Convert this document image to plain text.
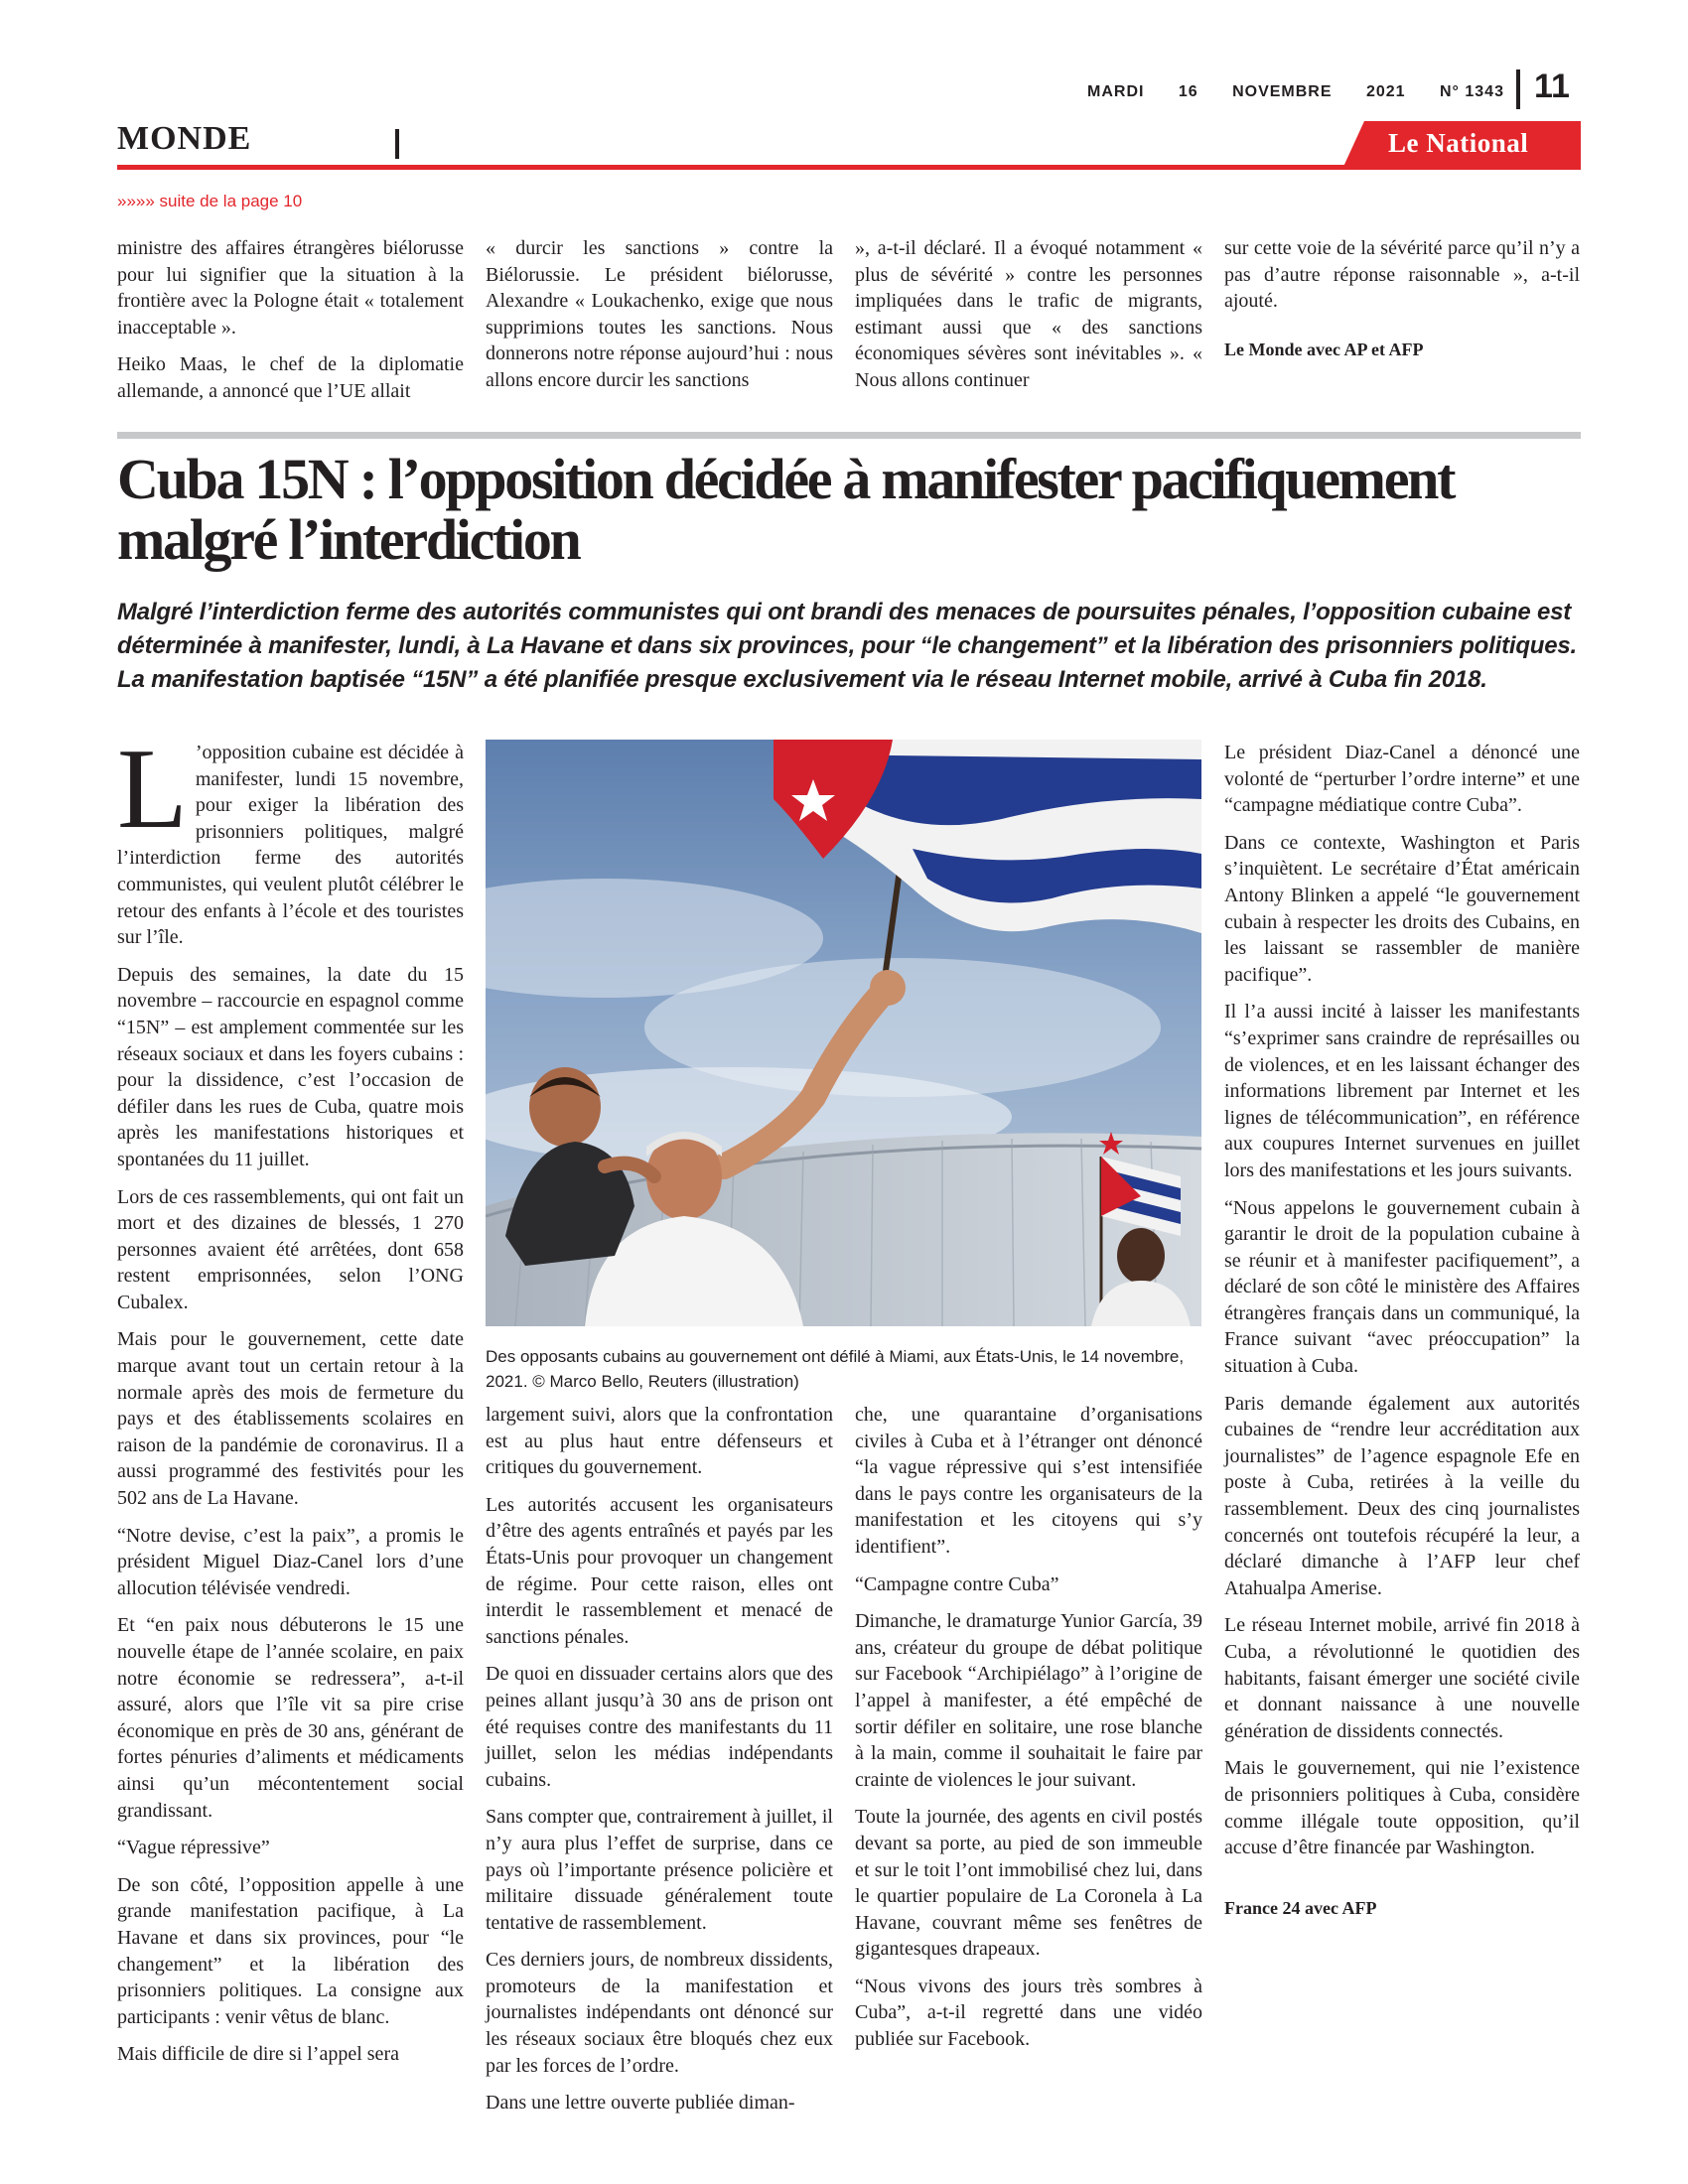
MARDI 16 NOVEMBRE 2021 N° 1343 11
MONDE	Le National
»»»» suite de la page 10

ministre des affaires étrangères biélorusse pour lui signifier que la situation à la frontière avec la Pologne était « totalement inacceptable ».

Heiko Maas, le chef de la diplomatie allemande, a annoncé que l’UE allait

« durcir les sanctions » contre la Biélorussie. Le président biélorusse, Alexandre « Loukachenko, exige que nous supprimions toutes les sanctions. Nous donnerons notre réponse aujourd’hui : nous allons encore durcir les sanctions

», a-t-il déclaré. Il a évoqué notamment « plus de sévérité » contre les personnes impliquées dans le trafic de migrants, estimant aussi que « des sanctions économiques sévères sont inévitables ». « Nous allons continuer

sur cette voie de la sévérité parce qu’il n’y a pas d’autre réponse raisonnable », a-t-il ajouté.

Le Monde avec AP et AFP

Cuba 15N : l’opposition décidée à manifester pacifiquement malgré l’interdiction

Malgré l’interdiction ferme des autorités communistes qui ont brandi des menaces de poursuites pénales, l’opposition cubaine est déterminée à manifester, lundi, à La Havane et dans six provinces, pour “le changement” et la libération des prisonniers politiques. La manifestation baptisée “15N” a été planifiée presque exclusivement via le réseau Internet mobile, arrivé à Cuba fin 2018.

L ’opposition cubaine est décidée à manifester, lundi 15 novembre, pour exiger la libération des prisonniers politiques, malgré l’interdiction ferme des autorités communistes, qui veulent plutôt célébrer le retour des enfants à l’école et des touristes sur l’île.

Depuis des semaines, la date du 15 novembre – raccourcie en espagnol comme “15N” – est amplement commentée sur les réseaux sociaux et dans les foyers cubains : pour la dissidence, c’est l’occasion de défiler dans les rues de Cuba, quatre mois après les manifestations historiques et spontanées du 11 juillet.

Lors de ces rassemblements, qui ont fait un mort et des dizaines de blessés, 1 270 personnes avaient été arrêtées, dont 658 restent emprisonnées, selon l’ONG Cubalex.

Mais pour le gouvernement, cette date marque avant tout un certain retour à la normale après des mois de fermeture du pays et des établissements scolaires en raison de la pandémie de coronavirus. Il a aussi programmé des festivités pour les 502 ans de La Havane.

“Notre devise, c’est la paix”, a promis le président Miguel Diaz-Canel lors d’une allocution télévisée vendredi.

Et “en paix nous débuterons le 15 une nouvelle étape de l’année scolaire, en paix notre économie se redressera”, a-t-il assuré, alors que l’île vit sa pire crise économique en près de 30 ans, générant de fortes pénuries d’aliments et médicaments ainsi qu’un mécontentement social grandissant.

“Vague répressive”

De son côté, l’opposition appelle à une grande manifestation pacifique, à La Havane et dans six provinces, pour “le changement” et la libération des prisonniers politiques. La consigne aux participants : venir vêtus de blanc.

Mais difficile de dire si l’appel sera

Des opposants cubains au gouvernement ont défilé à Miami, aux États-Unis, le 14 novembre, 2021. © Marco Bello, Reuters (illustration)

largement suivi, alors que la confrontation est au plus haut entre défenseurs et critiques du gouvernement.

Les autorités accusent les organisateurs d’être des agents entraînés et payés par les États-Unis pour provoquer un changement de régime. Pour cette raison, elles ont interdit le rassemblement et menacé de sanctions pénales.

De quoi en dissuader certains alors que des peines allant jusqu’à 30 ans de prison ont été requises contre des manifestants du 11 juillet, selon les médias indépendants cubains.

Sans compter que, contrairement à juillet, il n’y aura plus l’effet de surprise, dans ce pays où l’importante présence policière et militaire dissuade généralement toute tentative de rassemblement.

Ces derniers jours, de nombreux dissidents, promoteurs de la manifestation et journalistes indépendants ont dénoncé sur les réseaux sociaux être bloqués chez eux par les forces de l’ordre.

Dans une lettre ouverte publiée diman-

che, une quarantaine d’organisations civiles à Cuba et à l’étranger ont dénoncé “la vague répressive qui s’est intensifiée dans le pays contre les organisateurs de la manifestation et les citoyens qui s’y identifient”.

“Campagne contre Cuba”

Dimanche, le dramaturge Yunior García, 39 ans, créateur du groupe de débat politique sur Facebook “Archipiélago” à l’origine de l’appel à manifester, a été empêché de sortir défiler en solitaire, une rose blanche à la main, comme il souhaitait le faire par crainte de violences le jour suivant.

Toute la journée, des agents en civil postés devant sa porte, au pied de son immeuble et sur le toit l’ont immobilisé chez lui, dans le quartier populaire de La Coronela à La Havane, couvrant même ses fenêtres de gigantesques drapeaux.

“Nous vivons des jours très sombres à Cuba”, a-t-il regretté dans une vidéo publiée sur Facebook.

Le président Diaz-Canel a dénoncé une volonté de “perturber l’ordre interne” et une “campagne médiatique contre Cuba”.

Dans ce contexte, Washington et Paris s’inquiètent. Le secrétaire d’État américain Antony Blinken a appelé “le gouvernement cubain à respecter les droits des Cubains, en les laissant se rassembler de manière pacifique”.

Il l’a aussi incité à laisser les manifestants “s’exprimer sans craindre de représailles ou de violences, et en les laissant échanger des informations librement par Internet et les lignes de télécommunication”, en référence aux coupures Internet survenues en juillet lors des manifestations et les jours suivants.

“Nous appelons le gouvernement cubain à garantir le droit de la population cubaine à se réunir et à manifester pacifiquement”, a déclaré de son côté le ministère des Affaires étrangères français dans un communiqué, la France suivant “avec préoccupation” la situation à Cuba.

Paris demande également aux autorités cubaines de “rendre leur accréditation aux journalistes” de l’agence espagnole Efe en poste à Cuba, retirées à la veille du rassemblement. Deux des cinq journalistes concernés ont toutefois récupéré la leur, a déclaré dimanche à l’AFP leur chef Atahualpa Amerise.

Le réseau Internet mobile, arrivé fin 2018 à Cuba, a révolutionné le quotidien des habitants, faisant émerger une société civile et donnant naissance à une nouvelle génération de dissidents connectés.

Mais le gouvernement, qui nie l’existence de prisonniers politiques à Cuba, considère comme illégale toute opposition, qu’il accuse d’être financée par Washington.

France 24 avec AFP
